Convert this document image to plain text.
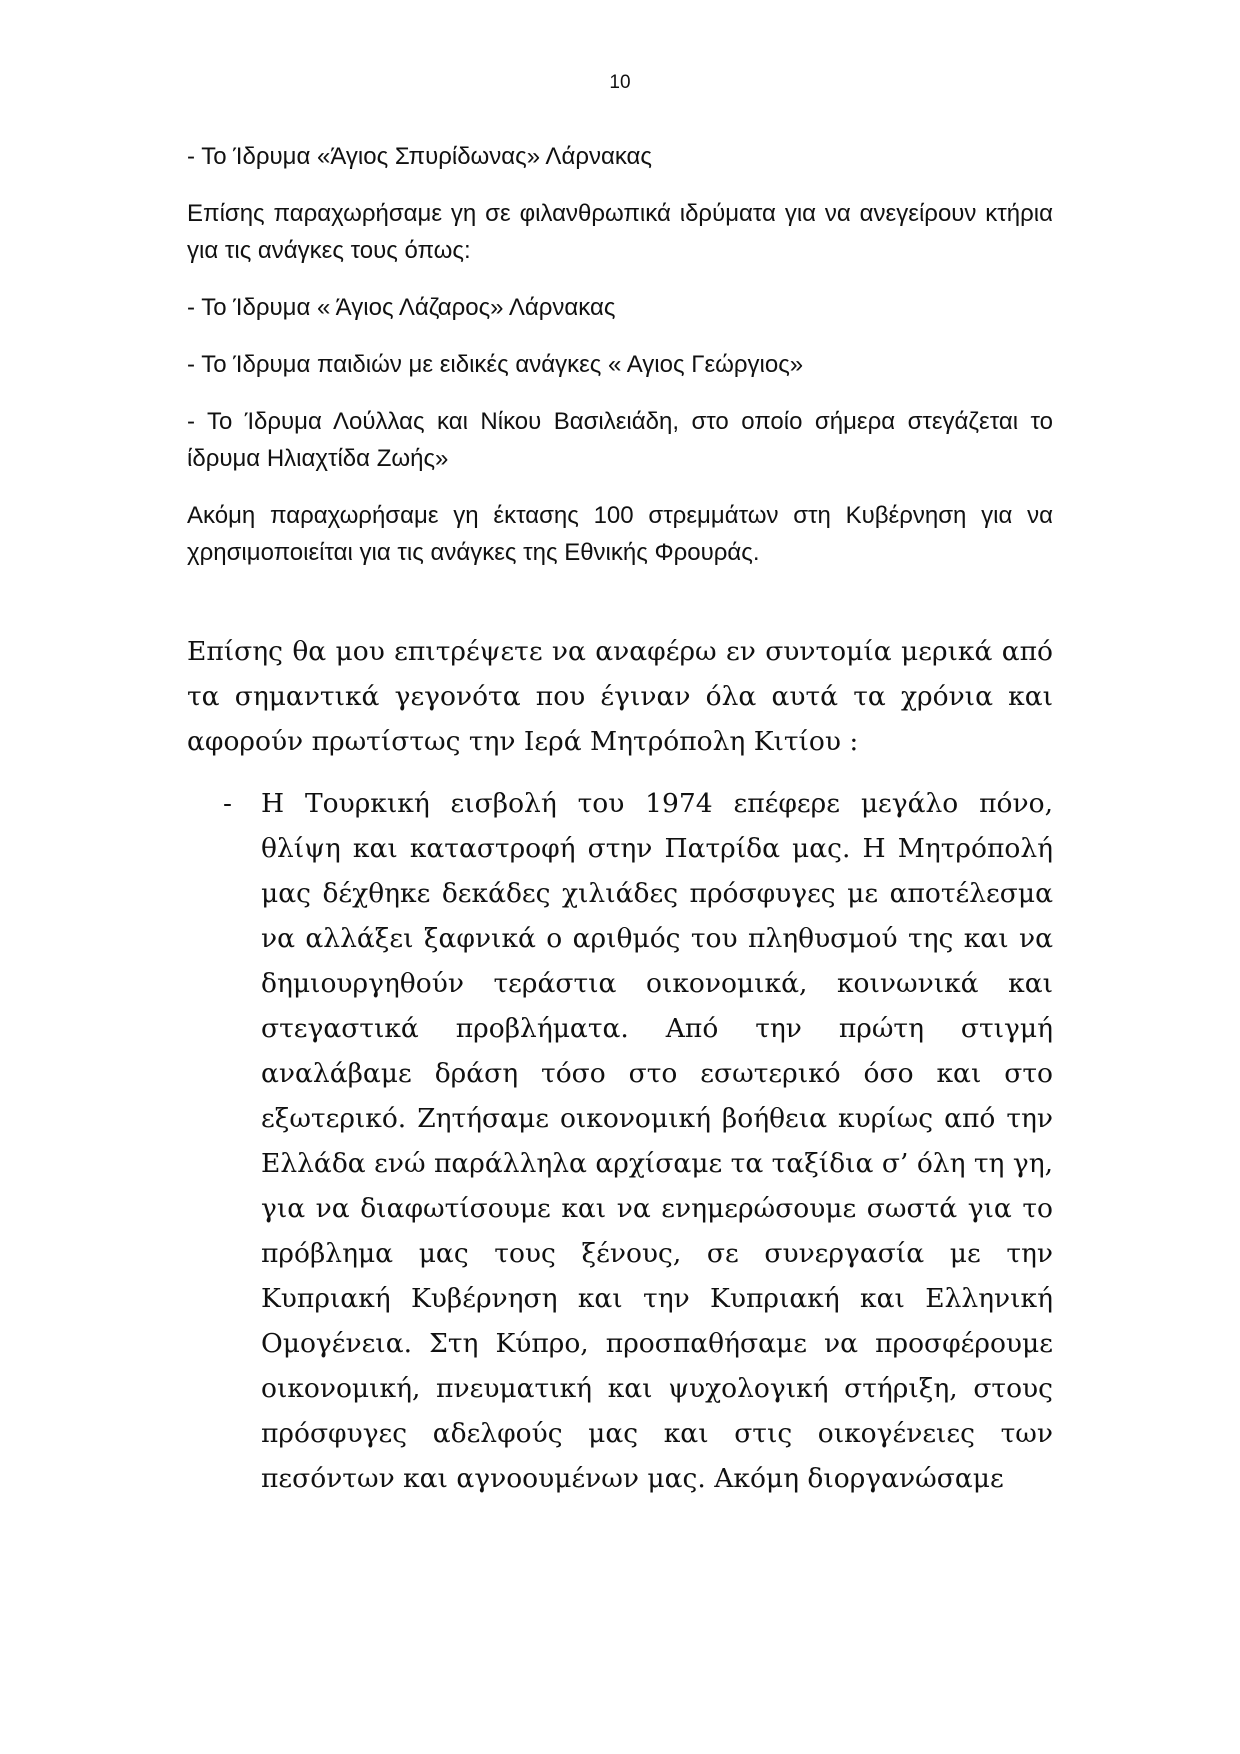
10

- Το Ίδρυμα «Άγιος Σπυρίδωνας» Λάρνακας

Επίσης παραχωρήσαμε γη σε φιλανθρωπικά ιδρύματα για να ανεγείρουν κτήρια για τις ανάγκες τους όπως:

- Το Ίδρυμα « Άγιος Λάζαρος» Λάρνακας

- Το Ίδρυμα παιδιών με ειδικές ανάγκες « Αγιος Γεώργιος»

- Το Ίδρυμα Λούλλας και Νίκου Βασιλειάδη, στο οποίο σήμερα στεγάζεται το ίδρυμα Ηλιαχτίδα Ζωής»

Ακόμη παραχωρήσαμε γη έκτασης 100 στρεμμάτων στη Κυβέρνηση για να χρησιμοποιείται για τις ανάγκες της Εθνικής Φρουράς.

Επίσης θα μου επιτρέψετε να αναφέρω εν συντομία μερικά από τα σημαντικά γεγονότα που έγιναν όλα αυτά τα χρόνια και αφορούν πρωτίστως την Ιερά Μητρόπολη Κιτίου :

- Η Τουρκική εισβολή του 1974 επέφερε μεγάλο πόνο, θλίψη και καταστροφή στην Πατρίδα μας. Η Μητρόπολή μας δέχθηκε δεκάδες χιλιάδες πρόσφυγες με αποτέλεσμα να αλλάξει ξαφνικά ο αριθμός του πληθυσμού της και να δημιουργηθούν τεράστια οικονομικά, κοινωνικά και στεγαστικά προβλήματα. Από την πρώτη στιγμή αναλάβαμε δράση τόσο στο εσωτερικό όσο και στο εξωτερικό. Ζητήσαμε οικονομική βοήθεια κυρίως από την Ελλάδα ενώ παράλληλα αρχίσαμε τα ταξίδια σ’ όλη τη γη, για να διαφωτίσουμε και να ενημερώσουμε σωστά για το πρόβλημα μας τους ξένους, σε συνεργασία με την Κυπριακή Κυβέρνηση και την Κυπριακή και Ελληνική Ομογένεια. Στη Κύπρο, προσπαθήσαμε να προσφέρουμε οικονομική, πνευματική και ψυχολογική στήριξη, στους πρόσφυγες αδελφούς μας και στις οικογένειες των πεσόντων και αγνοουμένων μας. Ακόμη διοργανώσαμε
